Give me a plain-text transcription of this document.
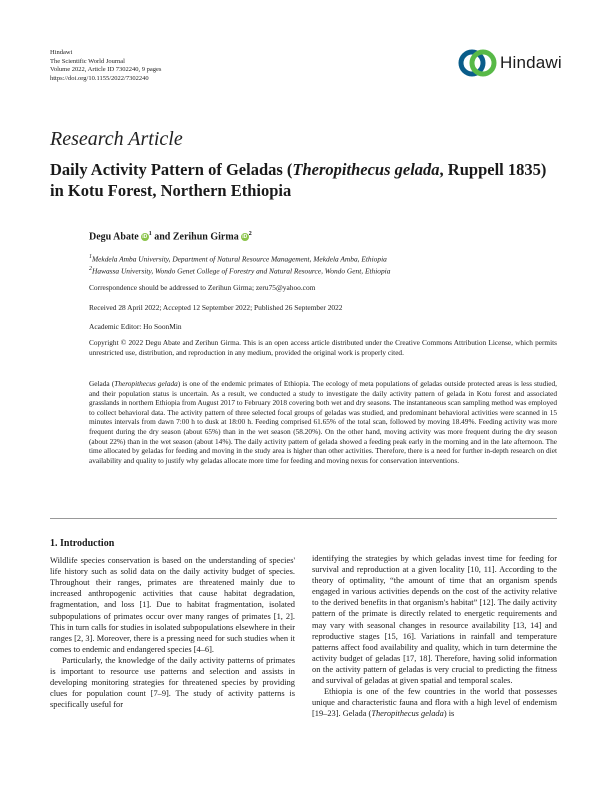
Hindawi
The Scientific World Journal
Volume 2022, Article ID 7302240, 9 pages
https://doi.org/10.1155/2022/7302240
Hindawi
Research Article
Daily Activity Pattern of Geladas (Theropithecus gelada, Ruppell 1835) in Kotu Forest, Northern Ethiopia
Degu Abate $iD^1$ and Zerihun Girma $iD^2$
$^1$Mekdela Amba University, Department of Natural Resource Management, Mekdela Amba, Ethiopia
$^2$Hawassa University, Wondo Genet College of Forestry and Natural Resource, Wondo Gent, Ethiopia
Correspondence should be addressed to Zerihun Girma; zeru75@yahoo.com
Received 28 April 2022; Accepted 12 September 2022; Published 26 September 2022
Academic Editor: Ho SoonMin
Copyright © 2022 Degu Abate and Zerihun Girma. This is an open access article distributed under the Creative Commons Attribution License, which permits unrestricted use, distribution, and reproduction in any medium, provided the original work is properly cited.
Gelada (Theropithecus gelada) is one of the endemic primates of Ethiopia. The ecology of meta populations of geladas outside protected areas is less studied, and their population status is uncertain. As a result, we conducted a study to investigate the daily activity pattern of gelada in Kotu forest and associated grasslands in northern Ethiopia from August 2017 to February 2018 covering both wet and dry seasons. The instantaneous scan sampling method was employed to collect behavioral data. The activity pattern of three selected focal groups of geladas was studied, and predominant behavioral activities were scanned in 15 minutes intervals from dawn 7:00 h to dusk at 18:00 h. Feeding comprised 61.65% of the total scan, followed by moving 18.49%. Feeding activity was more frequent during the dry season (about 65%) than in the wet season (58.20%). On the other hand, moving activity was more frequent during the dry season (about 22%) than in the wet season (about 14%). The daily activity pattern of gelada showed a feeding peak early in the morning and in the late afternoon. The time allocated by geladas for feeding and moving in the study area is higher than other activities. Therefore, there is a need for further in-depth research on diet availability and quality to justify why geladas allocate more time for feeding and moving nexus for conservation interventions.
1. Introduction

Wildlife species conservation is based on the understanding of species' life history such as solid data on the daily activity budget of species. Throughout their ranges, primates are threatened mainly due to increased anthropogenic activities that cause habitat degradation, fragmentation, and loss [1]. Due to habitat fragmentation, isolated subpopulations of primates occur over many ranges of primates [1, 2]. This in turn calls for studies in isolated subpopulations elsewhere in their ranges [2, 3]. Moreover, there is a pressing need for such studies when it comes to endemic and endangered species [4–6].

Particularly, the knowledge of the daily activity patterns of primates is important to resource use patterns and selection and assists in developing monitoring strategies for threatened species by providing clues for population count [7–9]. The study of activity patterns is specifically useful for

identifying the strategies by which geladas invest time for feeding for survival and reproduction at a given locality [10, 11]. According to the theory of optimality, “the amount of time that an organism spends engaged in various activities depends on the cost of the activity relative to the derived benefits in that organism's habitat” [12]. The daily activity pattern of the primate is directly related to energetic requirements and may vary with seasonal changes in resource availability [13, 14] and reproductive stages [15, 16]. Variations in rainfall and temperature patterns affect food availability and quality, which in turn determine the activity budget of geladas [17, 18]. Therefore, having solid information on the activity pattern of geladas is very crucial to predicting the fitness and survival of geladas at given spatial and temporal scales.

Ethiopia is one of the few countries in the world that possesses unique and characteristic fauna and flora with a high level of endemism [19–23]. Gelada (Theropithecus gelada) is
